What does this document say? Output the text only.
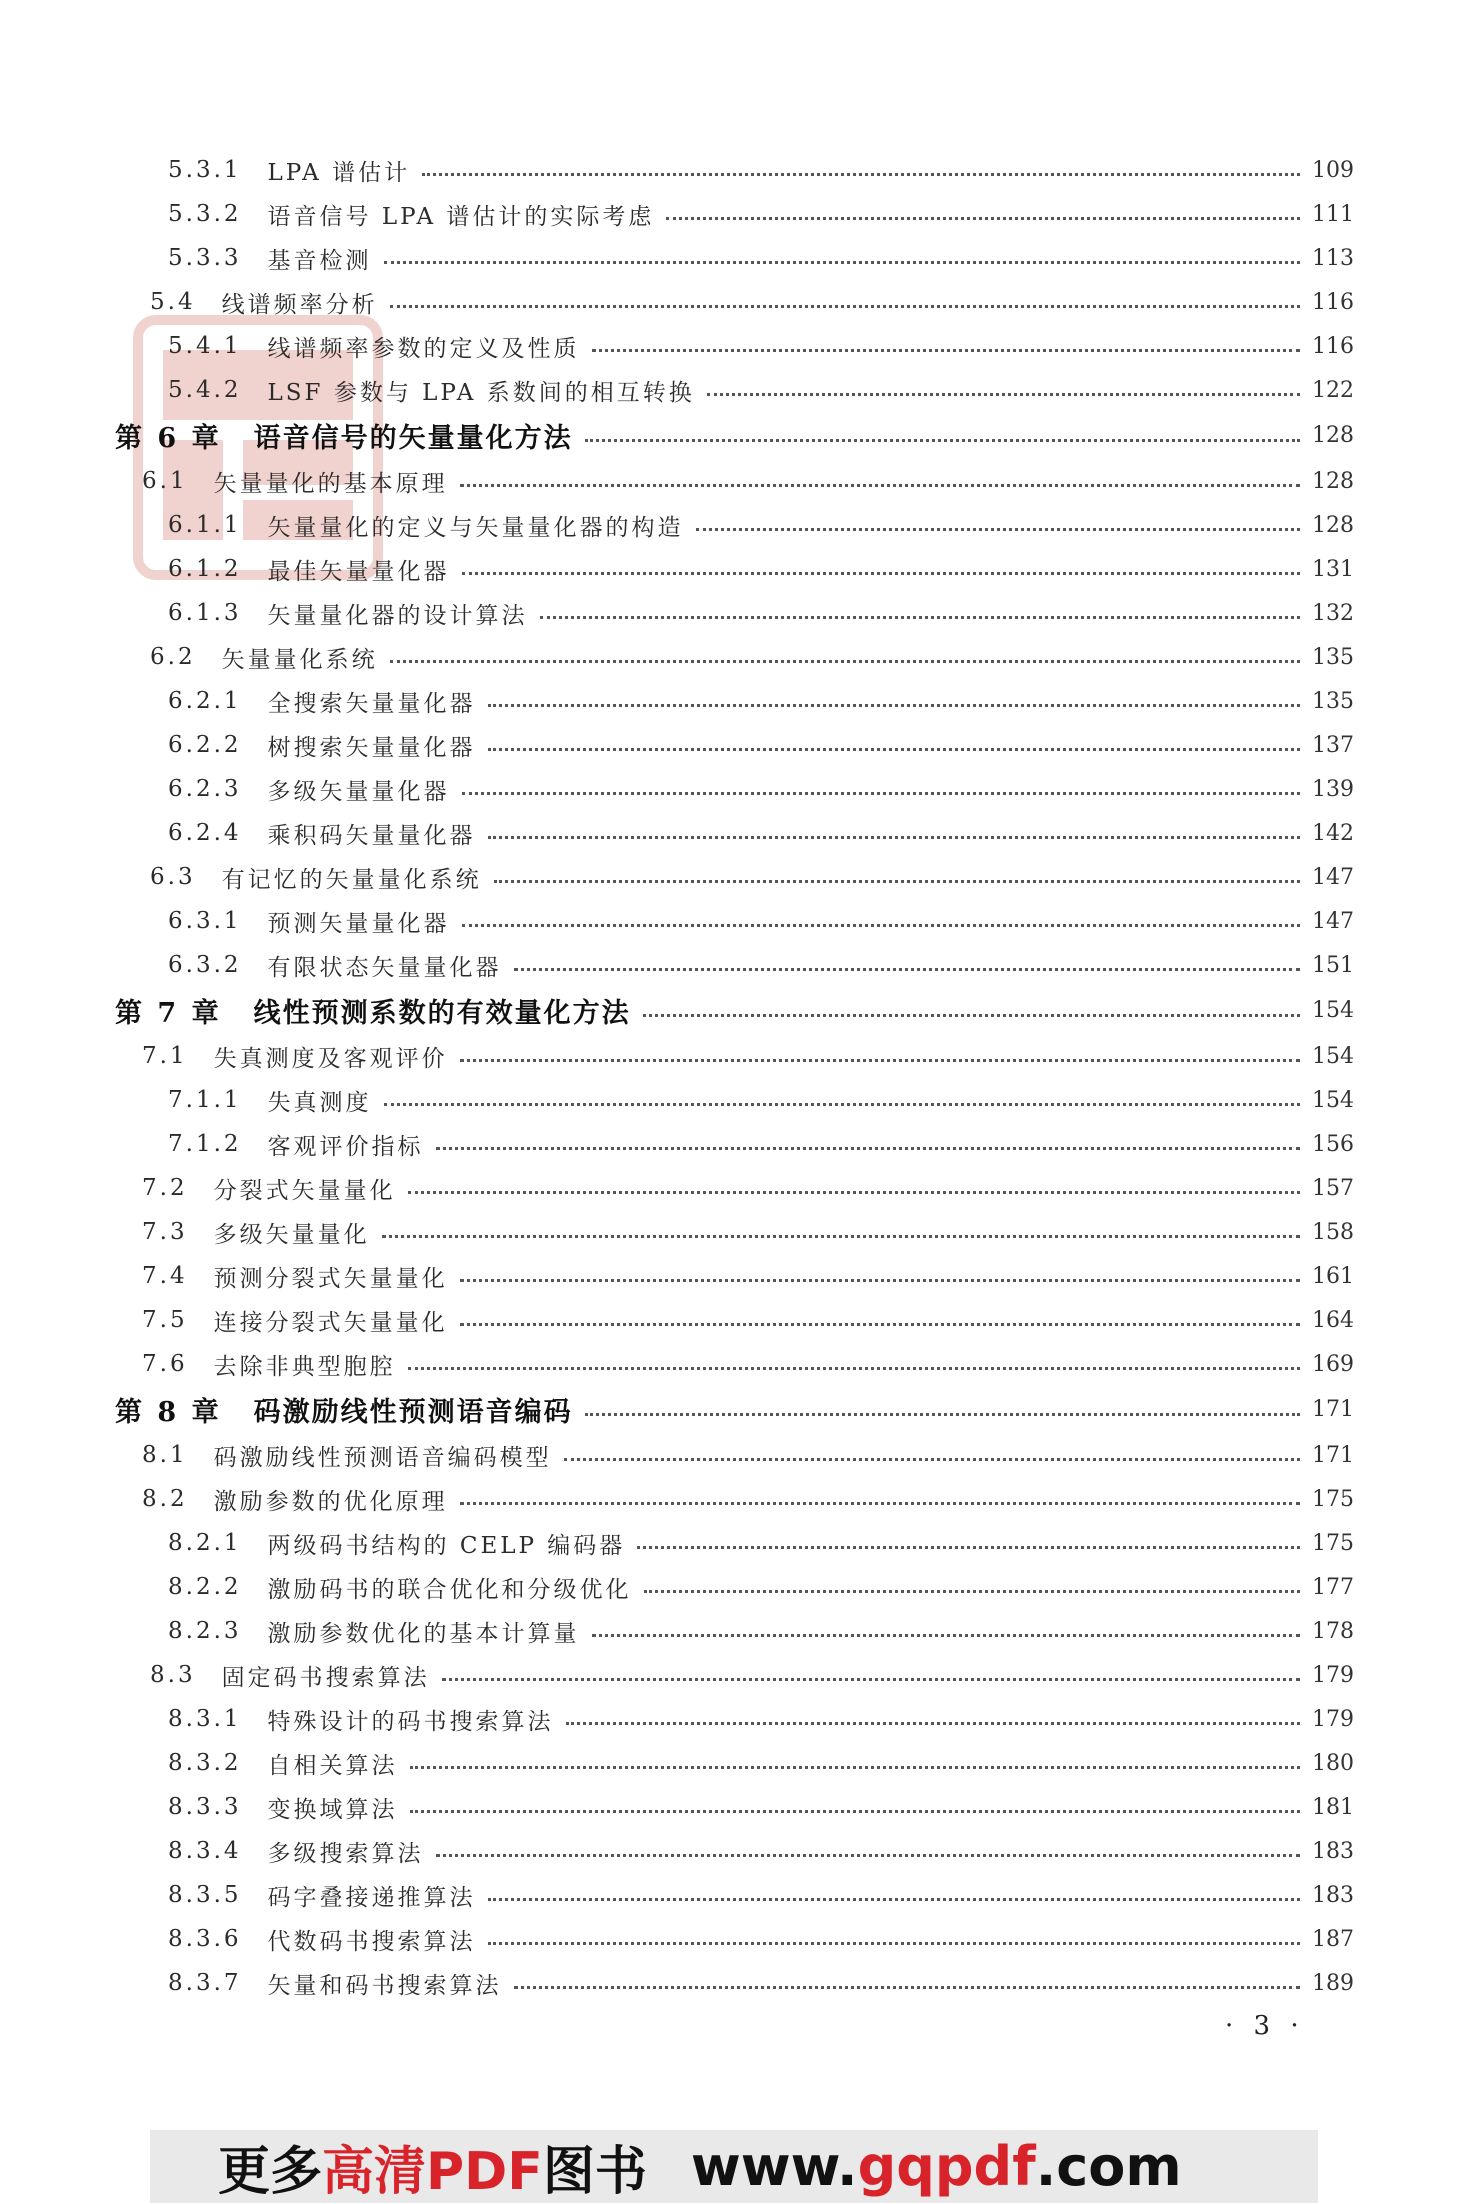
5.3.1 LPA 谱估计	109
5.3.2 语音信号 LPA 谱估计的实际考虑	111
5.3.3 基音检测	113
5.4 线谱频率分析	116
5.4.1 线谱频率参数的定义及性质	116
5.4.2 LSF 参数与 LPA 系数间的相互转换	122
第 6 章 语音信号的矢量量化方法	128
6.1 矢量量化的基本原理	128
6.1.1 矢量量化的定义与矢量量化器的构造	128
6.1.2 最佳矢量量化器	131
6.1.3 矢量量化器的设计算法	132
6.2 矢量量化系统	135
6.2.1 全搜索矢量量化器	135
6.2.2 树搜索矢量量化器	137
6.2.3 多级矢量量化器	139
6.2.4 乘积码矢量量化器	142
6.3 有记忆的矢量量化系统	147
6.3.1 预测矢量量化器	147
6.3.2 有限状态矢量量化器	151
第 7 章 线性预测系数的有效量化方法	154
7.1 失真测度及客观评价	154
7.1.1 失真测度	154
7.1.2 客观评价指标	156
7.2 分裂式矢量量化	157
7.3 多级矢量量化	158
7.4 预测分裂式矢量量化	161
7.5 连接分裂式矢量量化	164
7.6 去除非典型胞腔	169
第 8 章 码激励线性预测语音编码	171
8.1 码激励线性预测语音编码模型	171
8.2 激励参数的优化原理	175
8.2.1 两级码书结构的 CELP 编码器	175
8.2.2 激励码书的联合优化和分级优化	177
8.2.3 激励参数优化的基本计算量	178
8.3 固定码书搜索算法	179
8.3.1 特殊设计的码书搜索算法	179
8.3.2 自相关算法	180
8.3.3 变换域算法	181
8.3.4 多级搜索算法	183
8.3.5 码字叠接递推算法	183
8.3.6 代数码书搜索算法	187
8.3.7 矢量和码书搜索算法	189
· 3 ·
更多 高清PDF 图书 www. gqpdf .com
